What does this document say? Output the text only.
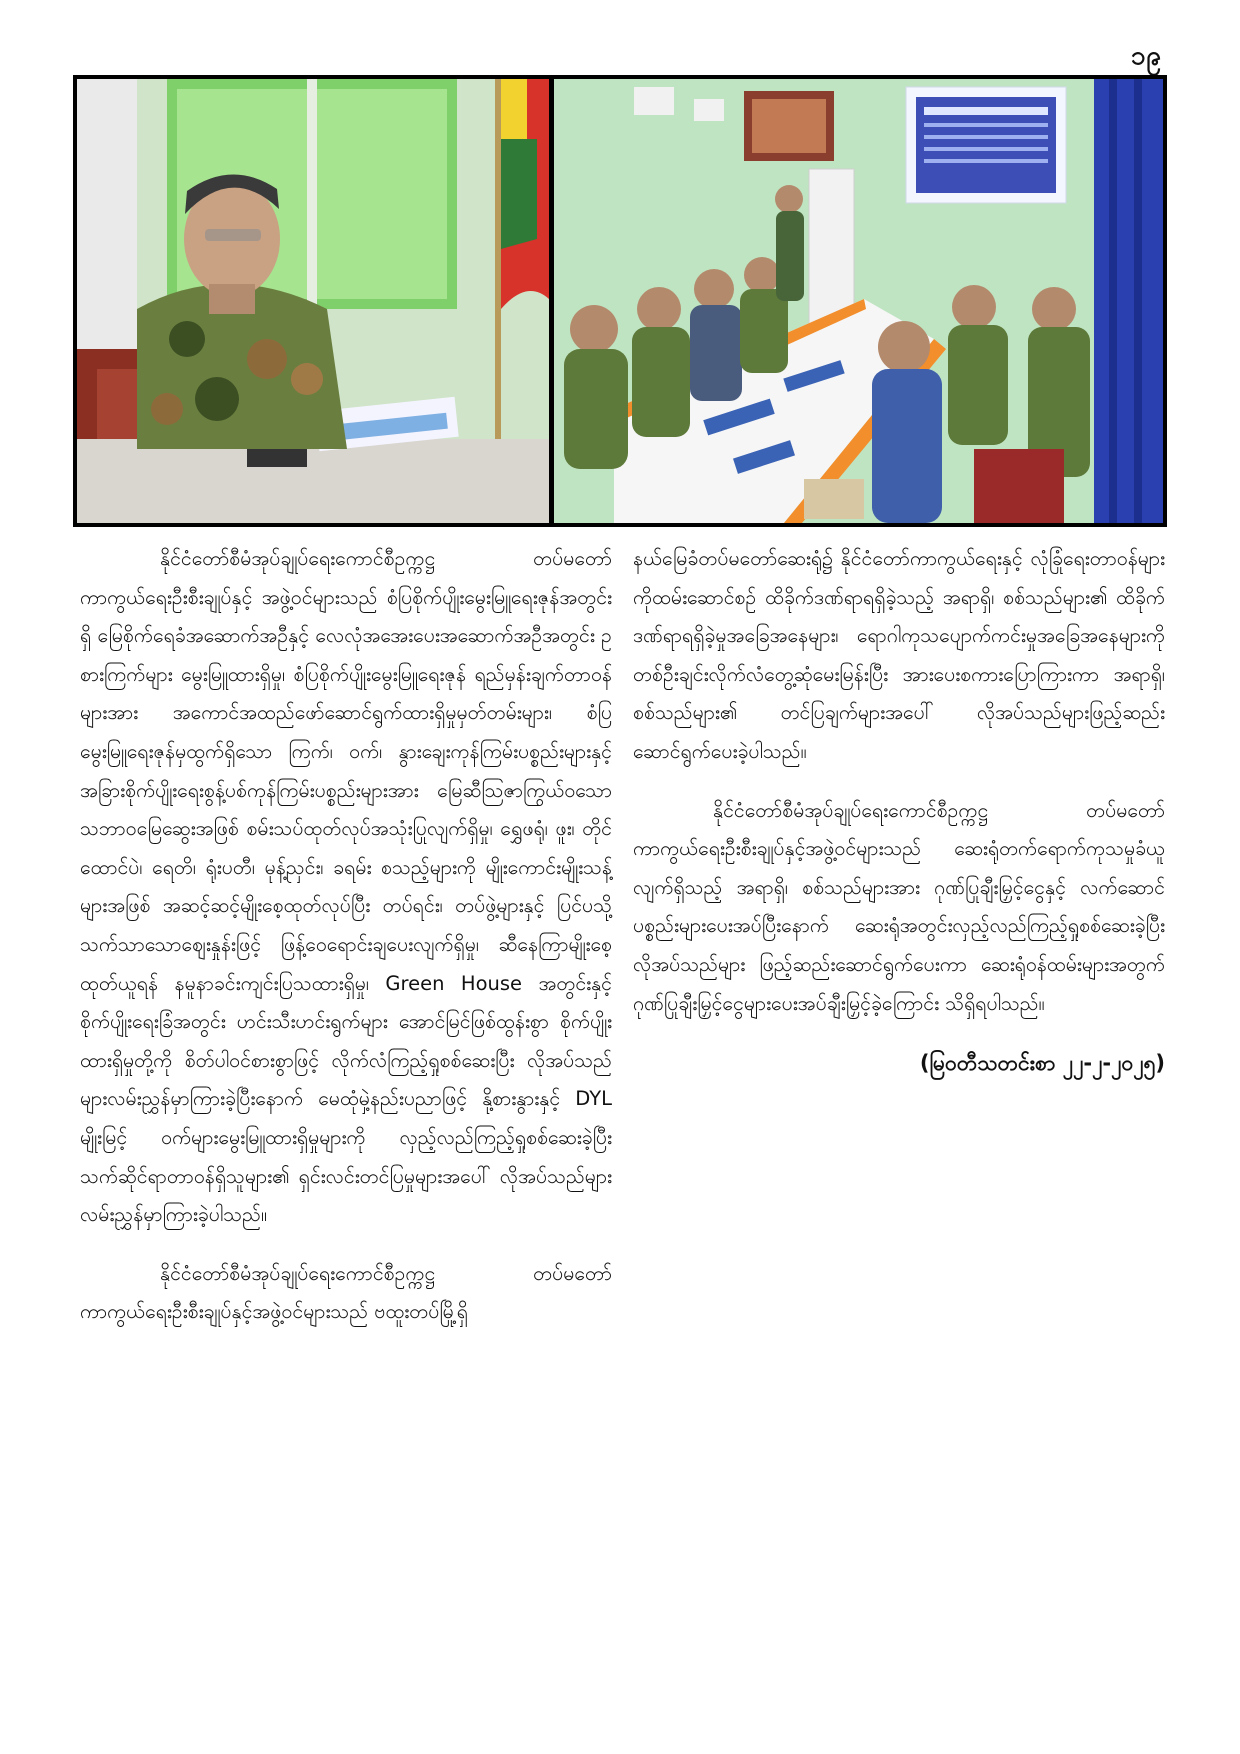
၁၉

နိုင်ငံတော်စီမံအုပ်ချုပ်ရေးကောင်စီဥက္ကဋ္ဌ တပ်မတော်ကာကွယ်ရေးဦးစီးချုပ်နှင့် အဖွဲ့ဝင်များသည် စံပြစိုက်ပျိုးမွေးမြူရေးဇုန်အတွင်းရှိ မြေစိုက်ရေခံအဆောက်အဦနှင့် လေလုံအအေးပေးအဆောက်အဦအတွင်း ဥစားကြက်များ မွေးမြူထားရှိမှု၊ စံပြစိုက်ပျိုးမွေးမြူရေးဇုန် ရည်မှန်းချက်တာဝန်များအား အကောင်အထည်ဖော်ဆောင်ရွက်ထားရှိမှုမှတ်တမ်းများ၊ စံပြမွေးမြူရေးဇုန်မှထွက်ရှိသော ကြက်၊ ဝက်၊ နွားချေးကုန်ကြမ်းပစ္စည်းများနှင့် အခြားစိုက်ပျိုးရေးစွန့်ပစ်ကုန်ကြမ်းပစ္စည်းများအား မြေဆီဩဇာကြွယ်ဝသောသဘာဝမြေဆွေးအဖြစ် စမ်းသပ်ထုတ်လုပ်အသုံးပြုလျက်ရှိမှု၊ ရွှေဖရုံ၊ ဖူး၊ တိုင်ထောင်ပဲ၊ ရေတိ၊ ရုံးပတီ၊ မုန့်ညှင်း၊ ခရမ်း စသည့်များကို မျိုးကောင်းမျိုးသန့်များအဖြစ် အဆင့်ဆင့်မျိုးစေ့ထုတ်လုပ်ပြီး တပ်ရင်း၊ တပ်ဖွဲ့များနှင့် ပြင်ပသို့ သက်သာသောဈေးနှုန်းဖြင့် ဖြန့်ဝေရောင်းချပေးလျက်ရှိမှု၊ ဆီနေကြာမျိုးစေ့ထုတ်ယူရန် နမူနာခင်းကျင်းပြသထားရှိမှု၊ Green House အတွင်းနှင့် စိုက်ပျိုးရေးခြံအတွင်း ဟင်းသီးဟင်းရွက်များ အောင်မြင်ဖြစ်ထွန်းစွာ စိုက်ပျိုးထားရှိမှုတို့ကို စိတ်ပါဝင်စားစွာဖြင့် လိုက်လံကြည့်ရှုစစ်ဆေးပြီး လိုအပ်သည်များလမ်းညွှန်မှာကြားခဲ့ပြီးနောက် မေထုံမှဲ့နည်းပညာဖြင့် နို့စားနွားနှင့် DYL မျိုးမြင့် ဝက်များမွေးမြူထားရှိမှုများကို လှည့်လည်ကြည့်ရှုစစ်ဆေးခဲ့ပြီး သက်ဆိုင်ရာတာဝန်ရှိသူများ၏ ရှင်းလင်းတင်ပြမှုများအပေါ် လိုအပ်သည်များ လမ်းညွှန်မှာကြားခဲ့ပါသည်။

နိုင်ငံတော်စီမံအုပ်ချုပ်ရေးကောင်စီဥက္ကဋ္ဌ တပ်မတော်ကာကွယ်ရေးဦးစီးချုပ်နှင့်အဖွဲ့ဝင်များသည် ဗထူးတပ်မြို့ရှိ

နယ်မြေခံတပ်မတော်ဆေးရုံ၌ နိုင်ငံတော်ကာကွယ်ရေးနှင့် လုံခြုံရေးတာဝန်များကိုထမ်းဆောင်စဉ် ထိခိုက်ဒဏ်ရာရရှိခဲ့သည့် အရာရှိ၊ စစ်သည်များ၏ ထိခိုက်ဒဏ်ရာရရှိခဲ့မှုအခြေအနေများ၊ ရောဂါကုသပျောက်ကင်းမှုအခြေအနေများကို တစ်ဦးချင်းလိုက်လံတွေ့ဆုံမေးမြန်းပြီး အားပေးစကားပြောကြားကာ အရာရှိ၊ စစ်သည်များ၏ တင်ပြချက်များအပေါ် လိုအပ်သည်များဖြည့်ဆည်းဆောင်ရွက်ပေးခဲ့ပါသည်။

နိုင်ငံတော်စီမံအုပ်ချုပ်ရေးကောင်စီဥက္ကဋ္ဌ တပ်မတော်ကာကွယ်ရေးဦးစီးချုပ်နှင့်အဖွဲ့ဝင်များသည် ဆေးရုံတက်ရောက်ကုသမှုခံယူလျက်ရှိသည့် အရာရှိ၊ စစ်သည်များအား ဂုဏ်ပြုချီးမြှင့်ငွေနှင့် လက်ဆောင်ပစ္စည်းများပေးအပ်ပြီးနောက် ဆေးရုံအတွင်းလှည့်လည်ကြည့်ရှုစစ်ဆေးခဲ့ပြီး လိုအပ်သည်များ ဖြည့်ဆည်းဆောင်ရွက်ပေးကာ ဆေးရုံဝန်ထမ်းများအတွက် ဂုဏ်ပြုချီးမြှင့်ငွေများပေးအပ်ချီးမြှင့်ခဲ့ကြောင်း သိရှိရပါသည်။

(မြဝတီသတင်းစာ ၂၂-၂-၂၀၂၅)
